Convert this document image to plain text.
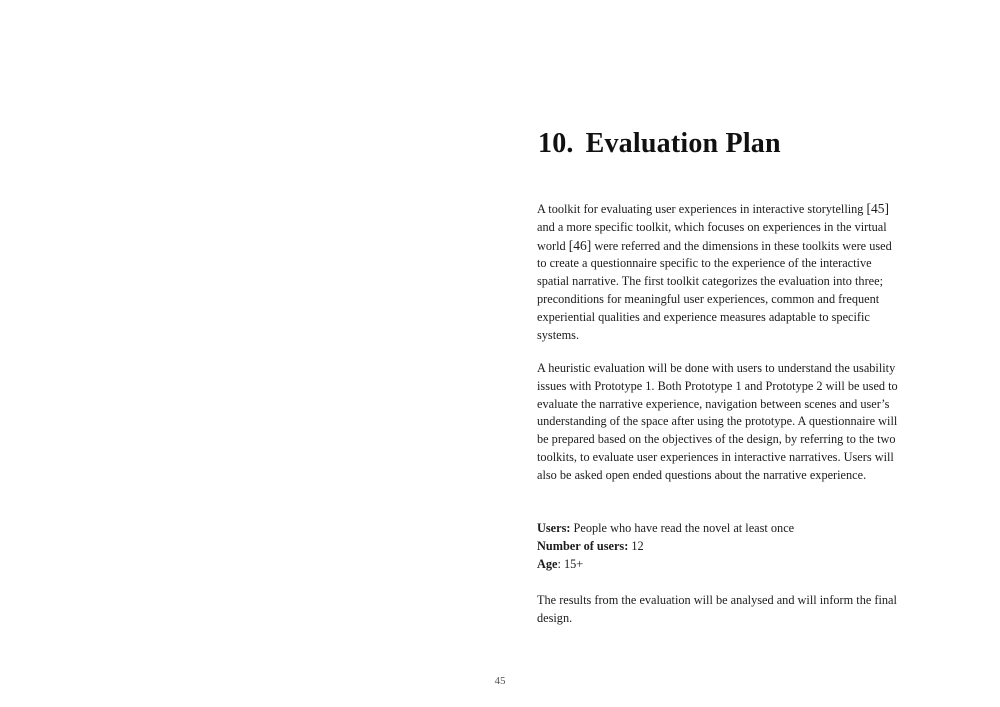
10. Evaluation Plan

A toolkit for evaluating user experiences in interactive storytelling [45]
and a more specific toolkit, which focuses on experiences in the virtual
world [46] were referred and the dimensions in these toolkits were used
to create a questionnaire specific to the experience of the interactive
spatial narrative. The first toolkit categorizes the evaluation into three;
preconditions for meaningful user experiences, common and frequent
experiential qualities and experience measures adaptable to specific
systems.

A heuristic evaluation will be done with users to understand the usability
issues with Prototype 1. Both Prototype 1 and Prototype 2 will be used to
evaluate the narrative experience, navigation between scenes and user’s
understanding of the space after using the prototype. A questionnaire will
be prepared based on the objectives of the design, by referring to the two
toolkits, to evaluate user experiences in interactive narratives. Users will
also be asked open ended questions about the narrative experience.

Users: People who have read the novel at least once
Number of users: 12
Age: 15+

The results from the evaluation will be analysed and will inform the final
design.

45
